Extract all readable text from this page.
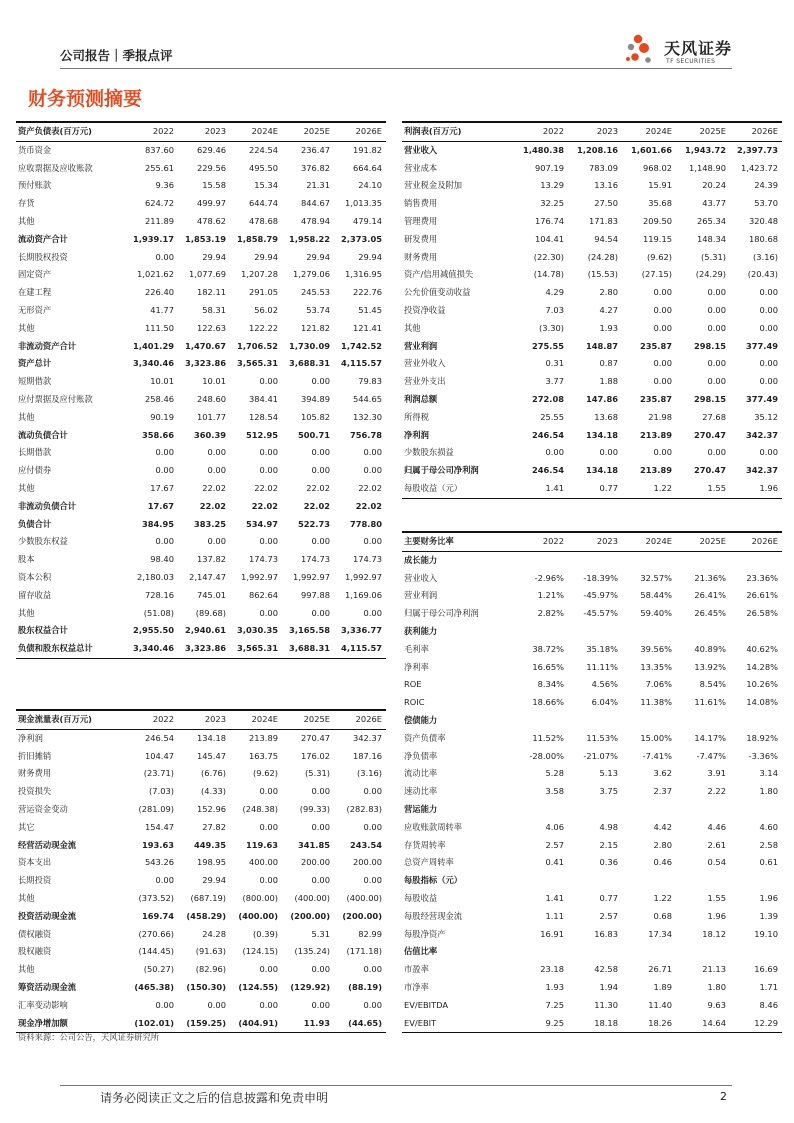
公司报告｜季报点评	天风证券
TF SECURITIES
财务预测摘要
资产负债表(百万元)	2022	2023	2024E	2025E	2026E
货币资金	837.60	629.46	224.54	236.47	191.82
应收票据及应收账款	255.61	229.56	495.50	376.82	664.64
预付账款	9.36	15.58	15.34	21.31	24.10
存货	624.72	499.97	644.74	844.67	1,013.35
其他	211.89	478.62	478.68	478.94	479.14
流动资产合计	1,939.17	1,853.19	1,858.79	1,958.22	2,373.05
长期股权投资	0.00	29.94	29.94	29.94	29.94
固定资产	1,021.62	1,077.69	1,207.28	1,279.06	1,316.95
在建工程	226.40	182.11	291.05	245.53	222.76
无形资产	41.77	58.31	56.02	53.74	51.45
其他	111.50	122.63	122.22	121.82	121.41
非流动资产合计	1,401.29	1,470.67	1,706.52	1,730.09	1,742.52
资产总计	3,340.46	3,323.86	3,565.31	3,688.31	4,115.57
短期借款	10.01	10.01	0.00	0.00	79.83
应付票据及应付账款	258.46	248.60	384.41	394.89	544.65
其他	90.19	101.77	128.54	105.82	132.30
流动负债合计	358.66	360.39	512.95	500.71	756.78
长期借款	0.00	0.00	0.00	0.00	0.00
应付债券	0.00	0.00	0.00	0.00	0.00
其他	17.67	22.02	22.02	22.02	22.02
非流动负债合计	17.67	22.02	22.02	22.02	22.02
负债合计	384.95	383.25	534.97	522.73	778.80
少数股东权益	0.00	0.00	0.00	0.00	0.00
股本	98.40	137.82	174.73	174.73	174.73
资本公积	2,180.03	2,147.47	1,992.97	1,992.97	1,992.97
留存收益	728.16	745.01	862.64	997.88	1,169.06
其他	(51.08)	(89.68)	0.00	0.00	0.00
股东权益合计	2,955.50	2,940.61	3,030.35	3,165.58	3,336.77
负债和股东权益总计	3,340.46	3,323.86	3,565.31	3,688.31	4,115.57
利润表(百万元)	2022	2023	2024E	2025E	2026E
营业收入	1,480.38	1,208.16	1,601.66	1,943.72	2,397.73
营业成本	907.19	783.09	968.02	1,148.90	1,423.72
营业税金及附加	13.29	13.16	15.91	20.24	24.39
销售费用	32.25	27.50	35.68	43.77	53.70
管理费用	176.74	171.83	209.50	265.34	320.48
研发费用	104.41	94.54	119.15	148.34	180.68
财务费用	(22.30)	(24.28)	(9.62)	(5.31)	(3.16)
资产/信用减值损失	(14.78)	(15.53)	(27.15)	(24.29)	(20.43)
公允价值变动收益	4.29	2.80	0.00	0.00	0.00
投资净收益	7.03	4.27	0.00	0.00	0.00
其他	(3.30)	1.93	0.00	0.00	0.00
营业利润	275.55	148.87	235.87	298.15	377.49
营业外收入	0.31	0.87	0.00	0.00	0.00
营业外支出	3.77	1.88	0.00	0.00	0.00
利润总额	272.08	147.86	235.87	298.15	377.49
所得税	25.55	13.68	21.98	27.68	35.12
净利润	246.54	134.18	213.89	270.47	342.37
少数股东损益	0.00	0.00	0.00	0.00	0.00
归属于母公司净利润	246.54	134.18	213.89	270.47	342.37
每股收益（元）	1.41	0.77	1.22	1.55	1.96
现金流量表(百万元)	2022	2023	2024E	2025E	2026E
净利润	246.54	134.18	213.89	270.47	342.37
折旧摊销	104.47	145.47	163.75	176.02	187.16
财务费用	(23.71)	(6.76)	(9.62)	(5.31)	(3.16)
投资损失	(7.03)	(4.33)	0.00	0.00	0.00
营运资金变动	(281.09)	152.96	(248.38)	(99.33)	(282.83)
其它	154.47	27.82	0.00	0.00	0.00
经营活动现金流	193.63	449.35	119.63	341.85	243.54
资本支出	543.26	198.95	400.00	200.00	200.00
长期投资	0.00	29.94	0.00	0.00	0.00
其他	(373.52)	(687.19)	(800.00)	(400.00)	(400.00)
投资活动现金流	169.74	(458.29)	(400.00)	(200.00)	(200.00)
债权融资	(270.66)	24.28	(0.39)	5.31	82.99
股权融资	(144.45)	(91.63)	(124.15)	(135.24)	(171.18)
其他	(50.27)	(82.96)	0.00	0.00	0.00
筹资活动现金流	(465.38)	(150.30)	(124.55)	(129.92)	(88.19)
汇率变动影响	0.00	0.00	0.00	0.00	0.00
现金净增加额	(102.01)	(159.25)	(404.91)	11.93	(44.65)
主要财务比率	2022	2023	2024E	2025E	2026E
成长能力					
营业收入	-2.96%	-18.39%	32.57%	21.36%	23.36%
营业利润	1.21%	-45.97%	58.44%	26.41%	26.61%
归属于母公司净利润	2.82%	-45.57%	59.40%	26.45%	26.58%
获利能力					
毛利率	38.72%	35.18%	39.56%	40.89%	40.62%
净利率	16.65%	11.11%	13.35%	13.92%	14.28%
ROE	8.34%	4.56%	7.06%	8.54%	10.26%
ROIC	18.66%	6.04%	11.38%	11.61%	14.08%
偿债能力					
资产负债率	11.52%	11.53%	15.00%	14.17%	18.92%
净负债率	-28.00%	-21.07%	-7.41%	-7.47%	-3.36%
流动比率	5.28	5.13	3.62	3.91	3.14
速动比率	3.58	3.75	2.37	2.22	1.80
营运能力					
应收账款周转率	4.06	4.98	4.42	4.46	4.60
存货周转率	2.57	2.15	2.80	2.61	2.58
总资产周转率	0.41	0.36	0.46	0.54	0.61
每股指标（元）					
每股收益	1.41	0.77	1.22	1.55	1.96
每股经营现金流	1.11	2.57	0.68	1.96	1.39
每股净资产	16.91	16.83	17.34	18.12	19.10
估值比率					
市盈率	23.18	42.58	26.71	21.13	16.69
市净率	1.93	1.94	1.89	1.80	1.71
EV/EBITDA	7.25	11.30	11.40	9.63	8.46
EV/EBIT	9.25	18.18	18.26	14.64	12.29
资料来源：公司公告，天风证券研究所
请务必阅读正文之后的信息披露和免责申明	2
